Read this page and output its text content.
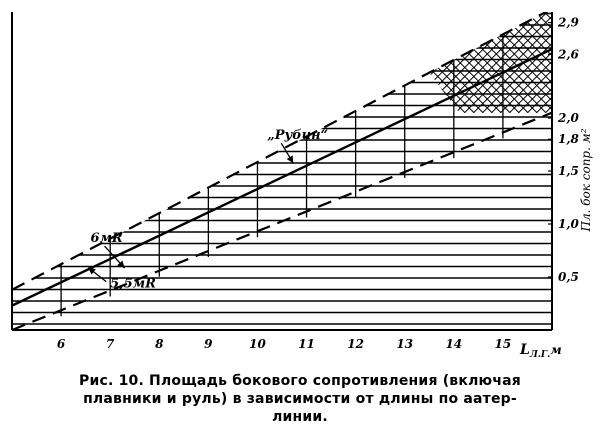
6	7	8	9	10	11	12	13	14	15
0,5
1,0
1,5
1,8
2,0
2,6
2,9
6мR
5,5мR
„Рубин“	Пл. бок сопр. м²
$L_{Л.Г.}м$
Рис. 10. Площадь бокового сопротивления (включая
плавники и руль) в зависимости от длины по аатер-
линии.
